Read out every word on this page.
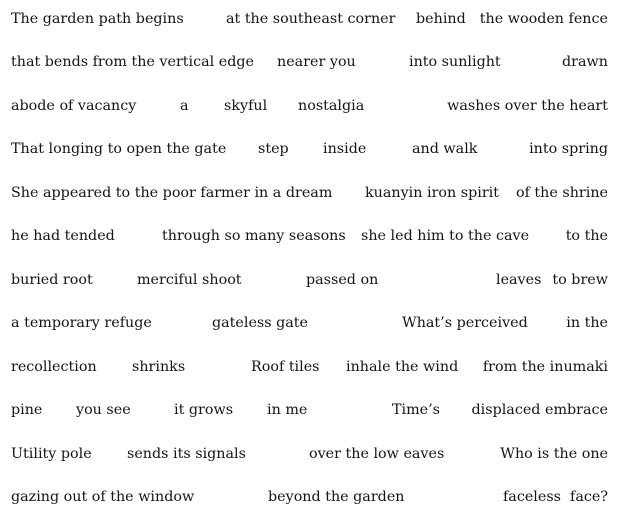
The garden path begins	at the southeast corner behind the wooden fence
that bends from the vertical edge nearer you	into sunlight	drawn
abode of vacancy	a skyful nostalgia	washes over the heart
That longing to open the gate step inside	and walk	into spring
She appeared to the poor farmer in a dream kuanyin iron spirit of the shrine
he had tended	through so many seasons she led him to the cave	to the
buried root	merciful shoot	passed on	leaves to brew
a temporary refuge	gateless gate	What’s perceived	in the
recollection shrinks	Roof tiles inhale the wind from the inumaki
pine you see	it grows in me	Time’s displaced embrace
Utility pole sends its signals	over the low eaves	Who is the one
gazing out of the window	beyond the garden	faceless face?
